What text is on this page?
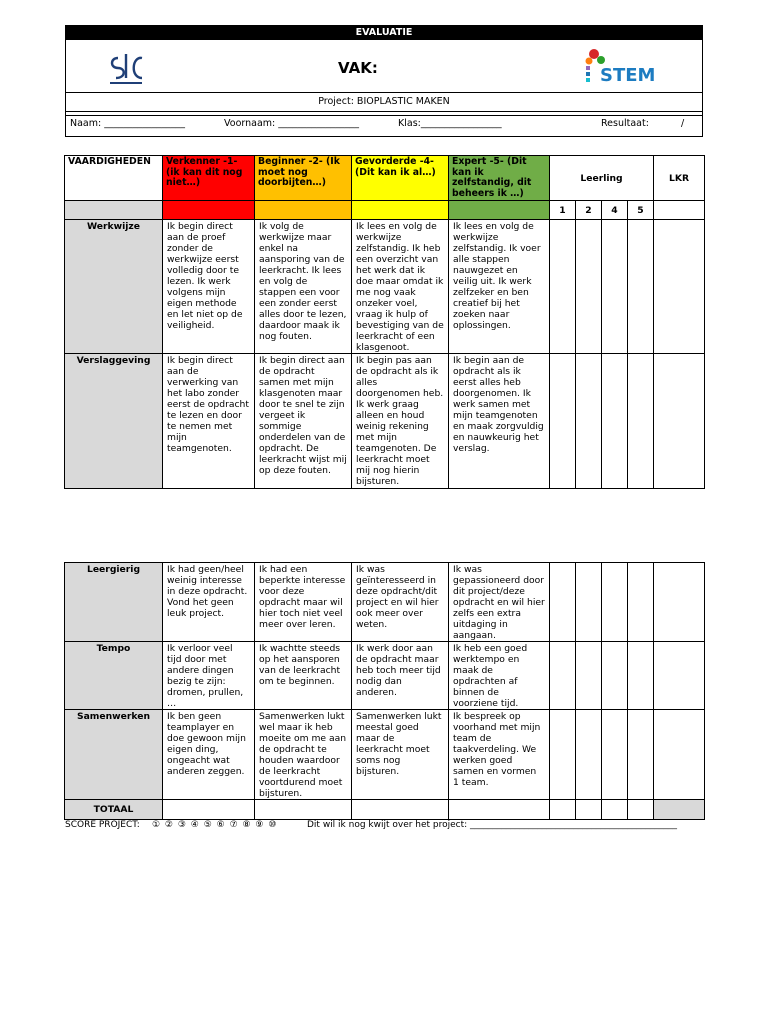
EVALUATIE
VAK:	STEM
Project: BIOPLASTIC MAKEN
Naam: _________________	Voornaam: _________________	Klas:_________________	Resultaat:	/
VAARDIGHEDEN	Verkenner -1- (ik kan dit nog niet…)	Beginner -2- (Ik moet nog doorbijten…)	Gevorderde -4- (Dit kan ik al…)	Expert -5- (Dit kan ik zelfstandig, dit beheers ik …)	Leerling				LKR
					1	2	4	5	
Werkwijze	Ik begin direct aan de proef zonder de werkwijze eerst volledig door te lezen. Ik werk volgens mijn eigen methode en let niet op de veiligheid.	Ik volg de werkwijze maar enkel na aansporing van de leerkracht. Ik lees en volg de stappen een voor een zonder eerst alles door te lezen, daardoor maak ik nog fouten.	Ik lees en volg de werkwijze zelfstandig. Ik heb een overzicht van het werk dat ik doe maar omdat ik me nog vaak onzeker voel, vraag ik hulp of bevestiging van de leerkracht of een klasgenoot.	Ik lees en volg de werkwijze zelfstandig. Ik voer alle stappen nauwgezet en veilig uit. Ik werk zelfzeker en ben creatief bij het zoeken naar oplossingen.					
Verslaggeving	Ik begin direct aan de verwerking van het labo zonder eerst de opdracht te lezen en door te nemen met mijn teamgenoten.	Ik begin direct aan de opdracht samen met mijn klasgenoten maar door te snel te zijn vergeet ik sommige onderdelen van de opdracht. De leerkracht wijst mij op deze fouten.	Ik begin pas aan de opdracht als ik alles doorgenomen heb. Ik werk graag alleen en houd weinig rekening met mijn teamgenoten. De leerkracht moet mij nog hierin bijsturen.	Ik begin aan de opdracht als ik eerst alles heb doorgenomen. Ik werk samen met mijn teamgenoten en maak zorgvuldig en nauwkeurig het verslag.					
Leergierig	Ik had geen/heel weinig interesse in deze opdracht. Vond het geen leuk project.	Ik had een beperkte interesse voor deze opdracht maar wil hier toch niet veel meer over leren.	Ik was geïnteresseerd in deze opdracht/dit project en wil hier ook meer over weten.	Ik was gepassioneerd door dit project/deze opdracht en wil hier zelfs een extra uitdaging in aangaan.					
Tempo	Ik verloor veel tijd door met andere dingen bezig te zijn: dromen, prullen, …	Ik wachtte steeds op het aansporen van de leerkracht om te beginnen.	Ik werk door aan de opdracht maar heb toch meer tijd nodig dan anderen.	Ik heb een goed werktempo en maak de opdrachten af binnen de voorziene tijd.					
Samenwerken	Ik ben geen teamplayer en doe gewoon mijn eigen ding, ongeacht wat anderen zeggen.	Samenwerken lukt wel maar ik heb moeite om me aan de opdracht te houden waardoor de leerkracht voortdurend moet bijsturen.	Samenwerken lukt meestal goed maar de leerkracht moet soms nog bijsturen.	Ik bespreek op voorhand met mijn team de taakverdeling. We werken goed samen en vormen 1 team.					
TOTAAL									
SCORE PROJECT: ① ② ③ ④ ⑤ ⑥ ⑦ ⑧ ⑨ ⑩	Dit wil ik nog kwijt over het project: ______________________________________________
